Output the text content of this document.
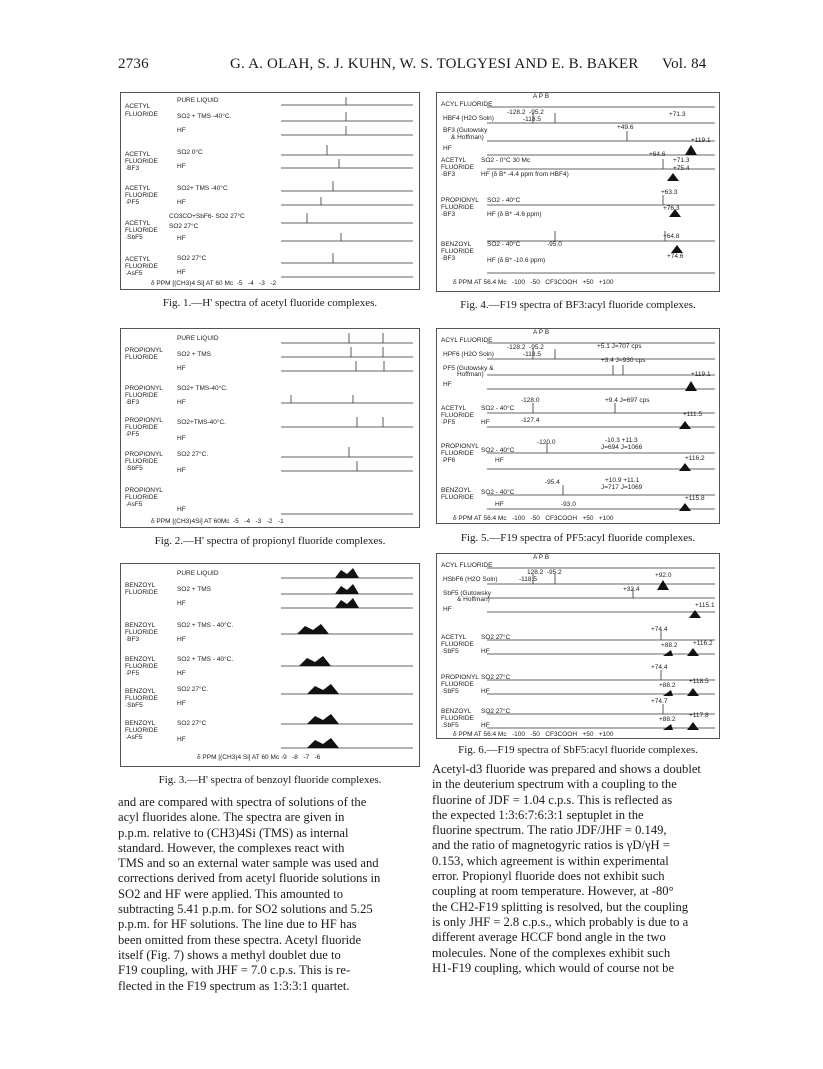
2736	G. A. OLAH, S. J. KUHN, W. S. TOLGYESI AND E. B. BAKER Vol. 84
ACETYL
FLUORIDE
PURE LIQUID
SO2 + TMS -40°C.
HF
ACETYL
FLUORIDE
·BF3
SO2 0°C
HF
ACETYL
FLUORIDE
·PF5
SO2+ TMS -40°C
HF
CO3CO+SbF6- SO2 27°C
ACETYL
FLUORIDE
·SbF5
SO2 27°C
HF
ACETYL
FLUORIDE
·AsF5
SO2 27°C
HF
δ PPM [(CH3)4 Si] AT 60 Mc  -5   -4   -3   -2
Fig. 1.—H' spectra of acetyl fluoride complexes.
PROPIONYL
FLUORIDE
PURE LIQUID
SO2 + TMS
HF
PROPIONYL
FLUORIDE
·BF3
SO2+ TMS-40°C.
HF
PROPIONYL
FLUORIDE
·PF5
SO2+TMS-40°C.
HF
PROPIONYL
FLUORIDE
·SbF5
SO2 27°C.
HF
PROPIONYL
FLUORIDE
·AsF5
HF
δ PPM [(CH3)4Si] AT 60Mc  -5   -4   -3   -2   -1
Fig. 2.—H' spectra of propionyl fluoride complexes.
BENZOYL
FLUORIDE
PURE LIQUID
SO2 + TMS
HF
BENZOYL
FLUORIDE
·BF3
SO2 + TMS - 40°C.
HF
BENZOYL
FLUORIDE
·PF5
SO2 + TMS - 40°C.
HF
BENZOYL
FLUORIDE
·SbF5
SO2 27°C.
HF
BENZOYL
FLUORIDE
·AsF5
SO2 27°C
HF
δ PPM [(CH3)4 Si] AT 60 Mc -9   -8   -7   -6
Fig. 3.—H' spectra of benzoyl fluoride complexes.
ACYL FLUORIDE
A P B
-128.2  -95.2
-118.5
+71.3
HBF4 (H2O Soln)
BF3 (Gutowsky
& Hoffman)
+49.6
HF
+119.1
ACETYL
FLUORIDE
·BF3
SO2 - 0°C 30 Mc
+64.6
+71.3
+75.4
HF (δ B* -4.4 ppm from HBF4)
PROPIONYL
FLUORIDE
·BF3
SO2 - 40°C
+63.3
HF (δ B* -4.6 ppm)
+76.3
BENZOYL
FLUORIDE
·BF3
SO2 - 40°C	-95.0
+64.8
HF (δ B* -10.6 ppm)
+74.6
δ PPM AT 56.4 Mc   -100   -50   CF3COOH   +50   +100
Fig. 4.—F19 spectra of BF3:acyl fluoride complexes.
ACYL FLUORIDE
A P B
-128.2  -95.2
-118.5
HPF6 (H2O Soln)
+5.1 J=707 cps
+3.4 J=930 cps
PF5 (Gutowsky &
Hoffman)
HF
+119.1
ACETYL
FLUORIDE
·PF5
SO2 - 40°C
-128.0	+9.4 J=697 cps
HF	-127.4
+111.5
PROPIONYL
FLUORIDE
·PF6
SO2 - 40°C
-120.0	-10.3 +11.3
J=694 J=1066
HF	+116.2
BENZOYL
FLUORIDE
SO2 - 40°C
-95.4	+10.9 +11.1
J=717 J=1069
HF	-93.0
+115.8
δ PPM AT 56.4 Mc   -100   -50   CF3COOH   +50   +100
Fig. 5.—F19 spectra of PF5:acyl fluoride complexes.
ACYL FLUORIDE
A P B
128.2  -95.2
-118.5
+92.0
HSbF6 (H2O Soln)
SbF5 (Gutowsky
& Hoffman)
+32.4
HF
+115.1
ACETYL
FLUORIDE
·SbF5
SO2 27°C
+74.4
HF
+88.2 +116.2
PROPIONYL
FLUORIDE
·SbF5
SO2 27°C
+74.4
HF
+88.2
+118.5
BENZOYL
FLUORIDE
·SbF5
SO2 27°C
+74.7
HF
+88.2
+117.8
δ PPM AT 56.4 Mc   -100   -50   CF3COOH   +50   +100
Fig. 6.—F19 spectra of SbF5:acyl fluoride complexes.
and are compared with spectra of solutions of the
acyl fluorides alone. The spectra are given in
p.p.m. relative to (CH3)4Si (TMS) as internal
standard. However, the complexes react with
TMS and so an external water sample was used and
corrections derived from acetyl fluoride solutions in
SO2 and HF were applied. This amounted to
subtracting 5.41 p.p.m. for SO2 solutions and 5.25
p.p.m. for HF solutions. The line due to HF has
been omitted from these spectra. Acetyl fluoride
itself (Fig. 7) shows a methyl doublet due to
F19 coupling, with JHF = 7.0 c.p.s. This is re-
flected in the F19 spectrum as 1:3:3:1 quartet.
Acetyl-d3 fluoride was prepared and shows a doublet
in the deuterium spectrum with a coupling to the
fluorine of JDF = 1.04 c.p.s. This is reflected as
the expected 1:3:6:7:6:3:1 septuplet in the
fluorine spectrum. The ratio JDF/JHF = 0.149,
and the ratio of magnetogyric ratios is γD/γH =
0.153, which agreement is within experimental
error. Propionyl fluoride does not exhibit such
coupling at room temperature. However, at -80°
the CH2-F19 splitting is resolved, but the coupling
is only JHF = 2.8 c.p.s., which probably is due to a
different average HCCF bond angle in the two
molecules. None of the complexes exhibit such
H1-F19 coupling, which would of course not be
